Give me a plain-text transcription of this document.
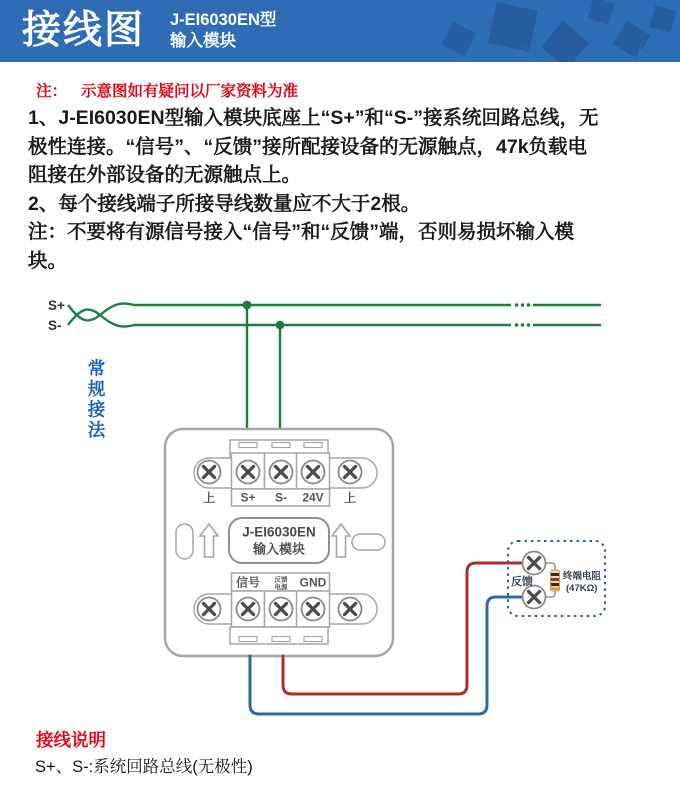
接线图 J-EI6030EN型
输入模块
注： 示意图如有疑问以厂家资料为准

1、J-EI6030EN型输入模块底座上“S+”和“S-”接系统回路总线，无极性连接。“信号”、“反馈”接所配接设备的无源触点，47k负载电阻接在外部设备的无源触点上。

2、每个接线端子所接导线数量应不大于2根。

注：不要将有源信号接入“信号”和“反馈”端，否则易损坏输入模块。

常规接法
S+
S-
上 S+ S- 24V 上
J-EI6030EN
输入模块
信号 反馈
电源 GND	反馈	终端电阻
(47KΩ)
接线说明
S+、S-:系统回路总线(无极性)
